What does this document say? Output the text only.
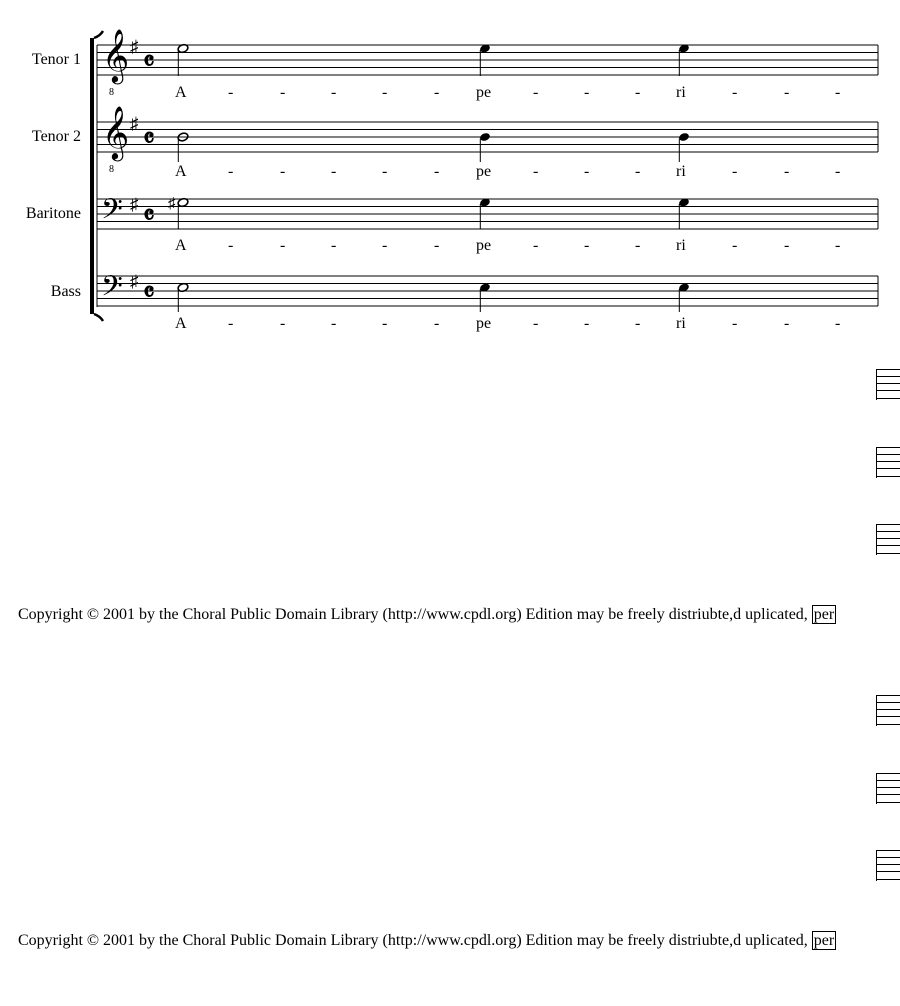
Tenor 1 𝄞
8
♯
𝄴
A	pe	ri
-	-	-	-	-	-	-	-	-	-	-
Tenor 2 𝄞
8
♯
𝄴
A	pe	ri
-	-	-	-	-	-	-	-	-	-	-
Baritone 𝄢 ♯ 𝄴 ♯
A	pe	ri
-	-	-	-	-	-	-	-	-	-	-
Bass 𝄢 ♯ 𝄴
A	pe	ri
-	-	-	-	-	-	-	-	-	-	-
Copyright © 2001 by the Choral Public Domain Library (http://www.cpdl.org) Edition may be freely distriubte,d uplicated, per
Copyright © 2001 by the Choral Public Domain Library (http://www.cpdl.org) Edition may be freely distriubte,d uplicated, per
